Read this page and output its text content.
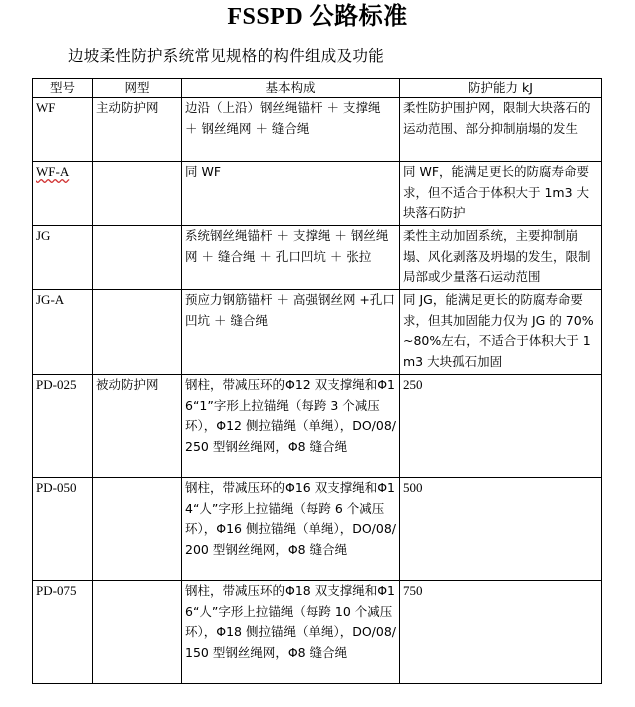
FSSPD 公路标准
边坡柔性防护系统常见规格的构件组成及功能
型号	网型	基本构成	防护能力 kJ
WF	主动防护网	边沿（上沿）钢丝绳锚杆 ＋ 支撑绳 ＋ 钢丝绳网 ＋ 缝合绳	柔性防护围护网，限制大块落石的运动范围、部分抑制崩塌的发生
WF-A		同 WF	同 WF，能满足更长的防腐寿命要求，但不适合于体积大于 1m3 大块落石防护
JG		系统钢丝绳锚杆 ＋ 支撑绳 ＋ 钢丝绳网 ＋ 缝合绳 ＋ 孔口凹坑 ＋ 张拉	柔性主动加固系统，主要抑制崩塌、风化剥落及坍塌的发生，限制局部或少量落石运动范围
JG-A		预应力钢筋锚杆 ＋ 高强钢丝网 +孔口凹坑 ＋ 缝合绳	同 JG，能满足更长的防腐寿命要求，但其加固能力仅为 JG 的 70%~80%左右，不适合于体积大于 1m3 大块孤石加固
PD-025	被动防护网	钢柱，带减压环的Φ12 双支撑绳和Φ16“1”字形上拉锚绳（每跨 3 个减压环），Φ12 侧拉锚绳（单绳），DO/08/250 型钢丝绳网，Φ8 缝合绳	250
PD-050		钢柱，带减压环的Φ16 双支撑绳和Φ14“人”字形上拉锚绳（每跨 6 个减压环），Φ16 侧拉锚绳（单绳），DO/08/200 型钢丝绳网，Φ8 缝合绳	500
PD-075		钢柱，带减压环的Φ18 双支撑绳和Φ16“人”字形上拉锚绳（每跨 10 个减压环），Φ18 侧拉锚绳（单绳），DO/08/150 型钢丝绳网，Φ8 缝合绳	750
